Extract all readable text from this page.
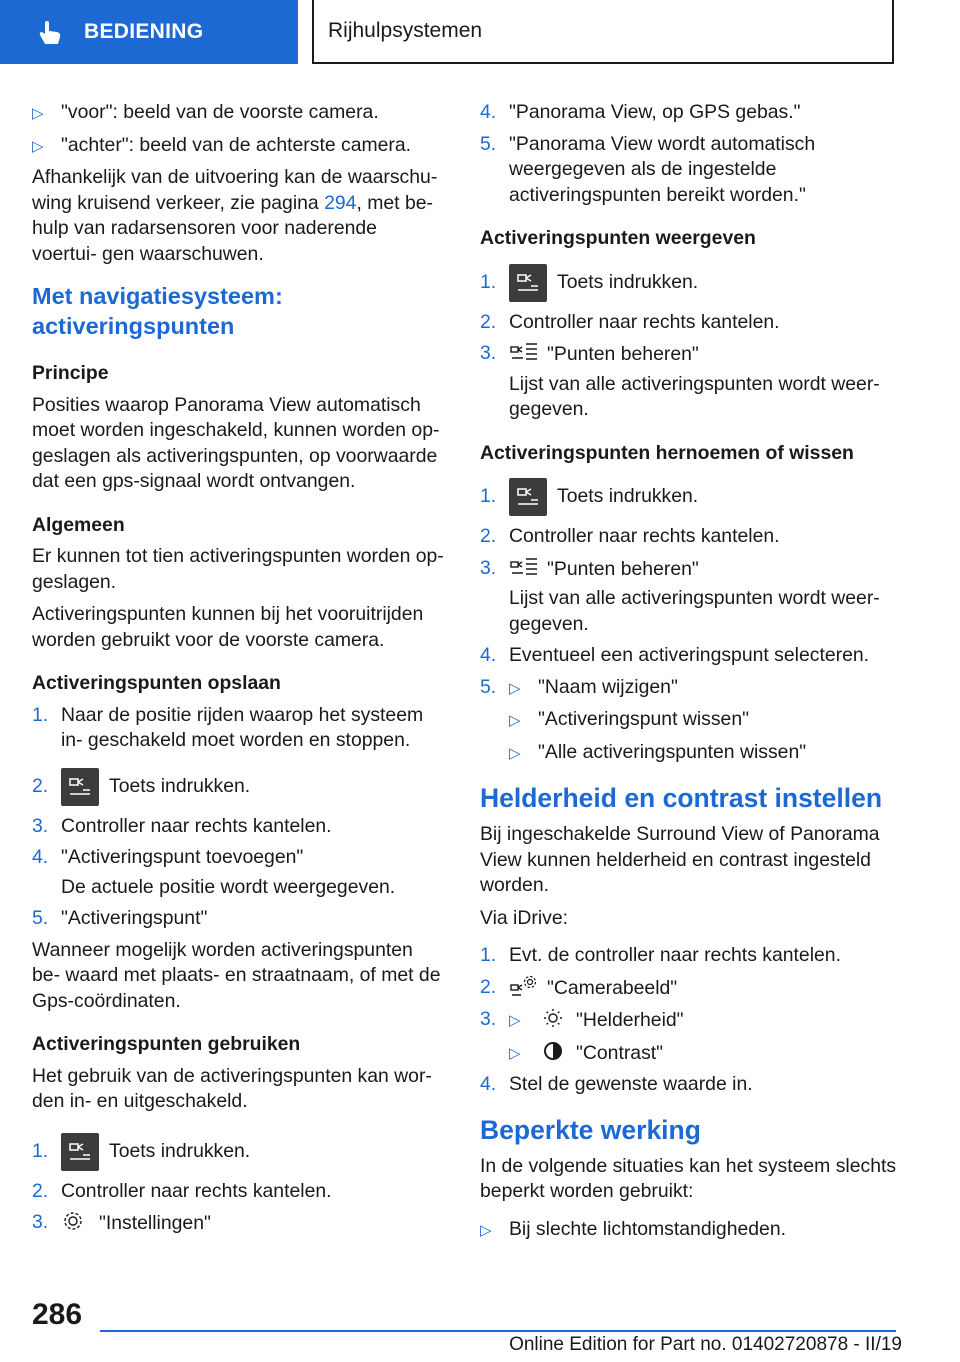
BEDIENING	Rijhulpsystemen
▷ "voor": beeld van de voorste camera.
▷ "achter": beeld van de achterste camera.

Afhankelijk van de uitvoering kan de waarschu‐ wing kruisend verkeer, zie pagina 294, met be‐ hulp van radarsensoren voor naderende voertui‐ gen waarschuwen.

Met navigatiesysteem: activeringspunten
Principe

Posities waarop Panorama View automatisch moet worden ingeschakeld, kunnen worden op‐ geslagen als activeringspunten, op voorwaarde dat een gps-signaal wordt ontvangen.

Algemeen

Er kunnen tot tien activeringspunten worden op‐ geslagen.

Activeringspunten kunnen bij het vooruitrijden worden gebruikt voor de voorste camera.

Activeringspunten opslaan
1. Naar de positie rijden waarop het systeem in‐ geschakeld moet worden en stoppen.
2.	Toets indrukken.
3. Controller naar rechts kantelen.
4. "Activeringspunt toevoegen"
De actuele positie wordt weergegeven.
5. "Activeringspunt"

Wanneer mogelijk worden activeringspunten be‐ waard met plaats- en straatnaam, of met de Gps-coördinaten.

Activeringspunten gebruiken

Het gebruik van de activeringspunten kan wor‐ den in- en uitgeschakeld.

1.	Toets indrukken.
2. Controller naar rechts kantelen.
3.	"Instellingen"
4. "Panorama View, op GPS gebas."
5. "Panorama View wordt automatisch weergegeven als de ingestelde activeringspunten bereikt worden."
Activeringspunten weergeven
1.	Toets indrukken.
2. Controller naar rechts kantelen.
3.	"Punten beheren"
Lijst van alle activeringspunten wordt weer‐ gegeven.
Activeringspunten hernoemen of wissen
1.	Toets indrukken.
2. Controller naar rechts kantelen.
3.	"Punten beheren"
Lijst van alle activeringspunten wordt weer‐ gegeven.
4. Eventueel een activeringspunt selecteren.
5. ▷ "Naam wijzigen"
▷ "Activeringspunt wissen"
▷ "Alle activeringspunten wissen"
Helderheid en contrast instellen

Bij ingeschakelde Surround View of Panorama View kunnen helderheid en contrast ingesteld worden.

Via iDrive:

1. Evt. de controller naar rechts kantelen.
2.	"Camerabeeld"
3. ▷	"Helderheid"
▷	"Contrast"
4. Stel de gewenste waarde in.
Beperkte werking

In de volgende situaties kan het systeem slechts beperkt worden gebruikt:

▷ Bij slechte lichtomstandigheden.
286
Online Edition for Part no. 01402720878 - II/19
